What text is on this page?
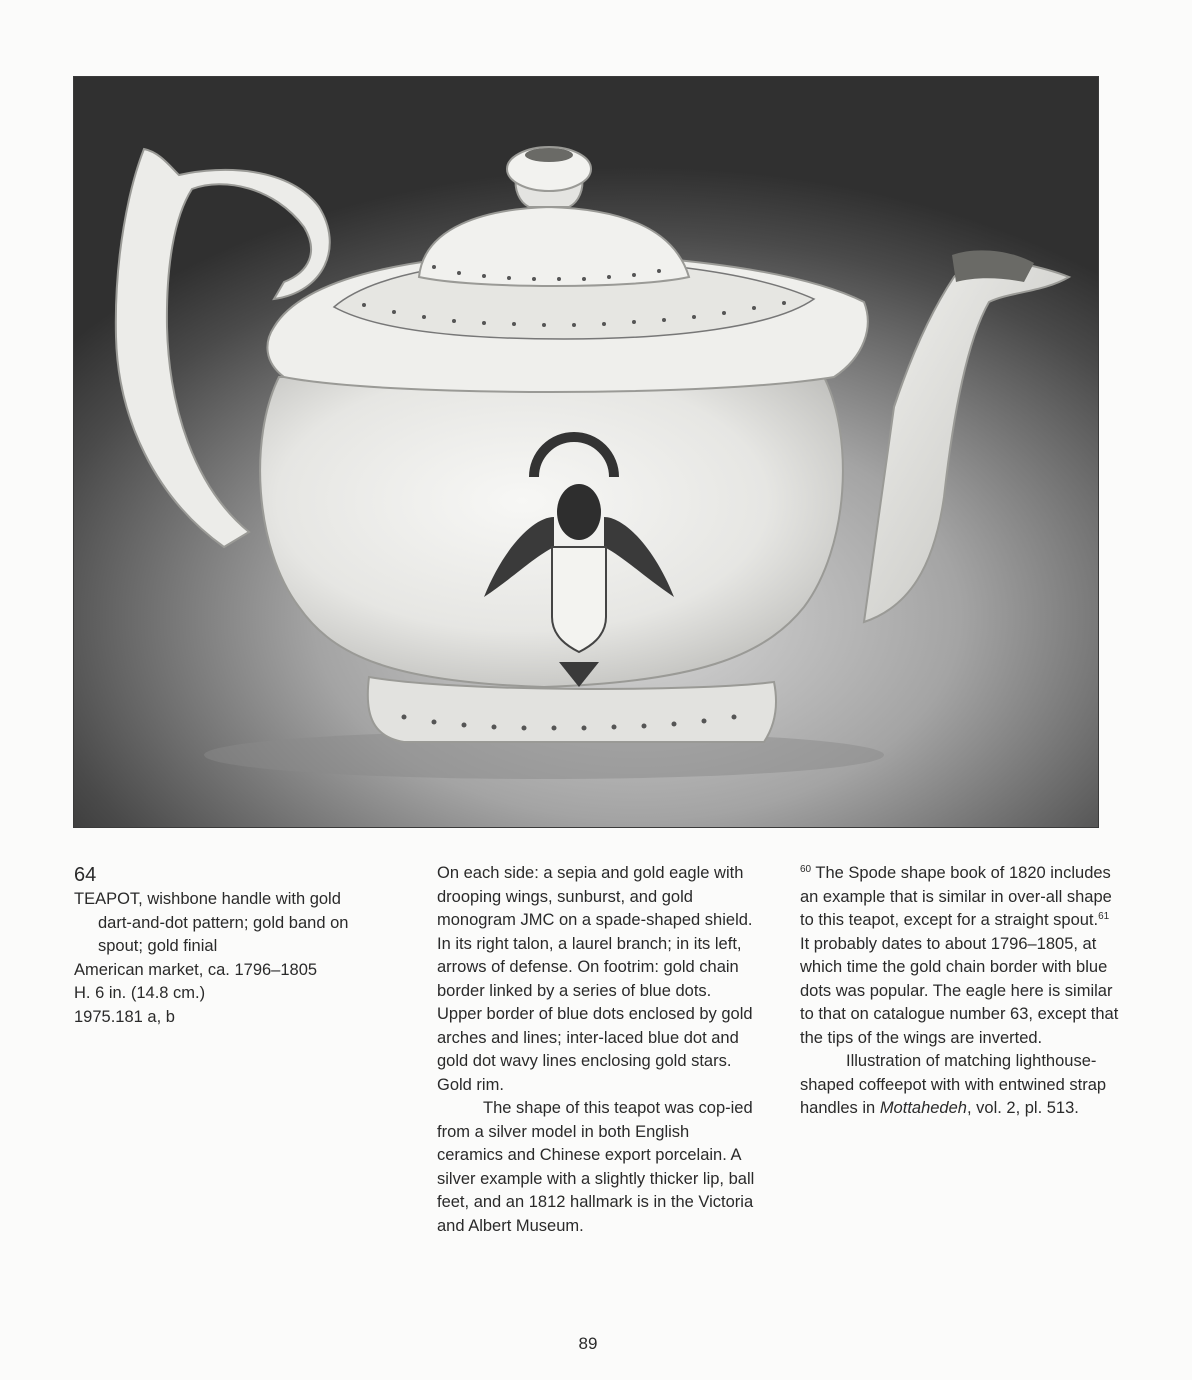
64

TEAPOT, wishbone handle with gold dart-and-dot pattern; gold band on spout; gold finial

American market, ca. 1796–1805

H. 6 in. (14.8 cm.)

1975.181 a, b

On each side: a sepia and gold eagle with drooping wings, sunburst, and gold monogram JMC on a spade-shaped shield. In its right talon, a laurel branch; in its left, arrows of defense. On footrim: gold chain border linked by a series of blue dots. Upper border of blue dots enclosed by gold arches and lines; inter-laced blue dot and gold dot wavy lines enclosing gold stars. Gold rim.

The shape of this teapot was cop-ied from a silver model in both English ceramics and Chinese export porcelain. A silver example with a slightly thicker lip, ball feet, and an 1812 hallmark is in the Victoria and Albert Museum.

$^{60}$ The Spode shape book of 1820 includes an example that is similar in over-all shape to this teapot, except for a straight spout.$^{61}$ It probably dates to about 1796–1805, at which time the gold chain border with blue dots was popular. The eagle here is similar to that on catalogue number 63, except that the tips of the wings are inverted.

Illustration of matching lighthouse-shaped coffeepot with with entwined strap handles in Mottahedeh, vol. 2, pl. 513.

89
